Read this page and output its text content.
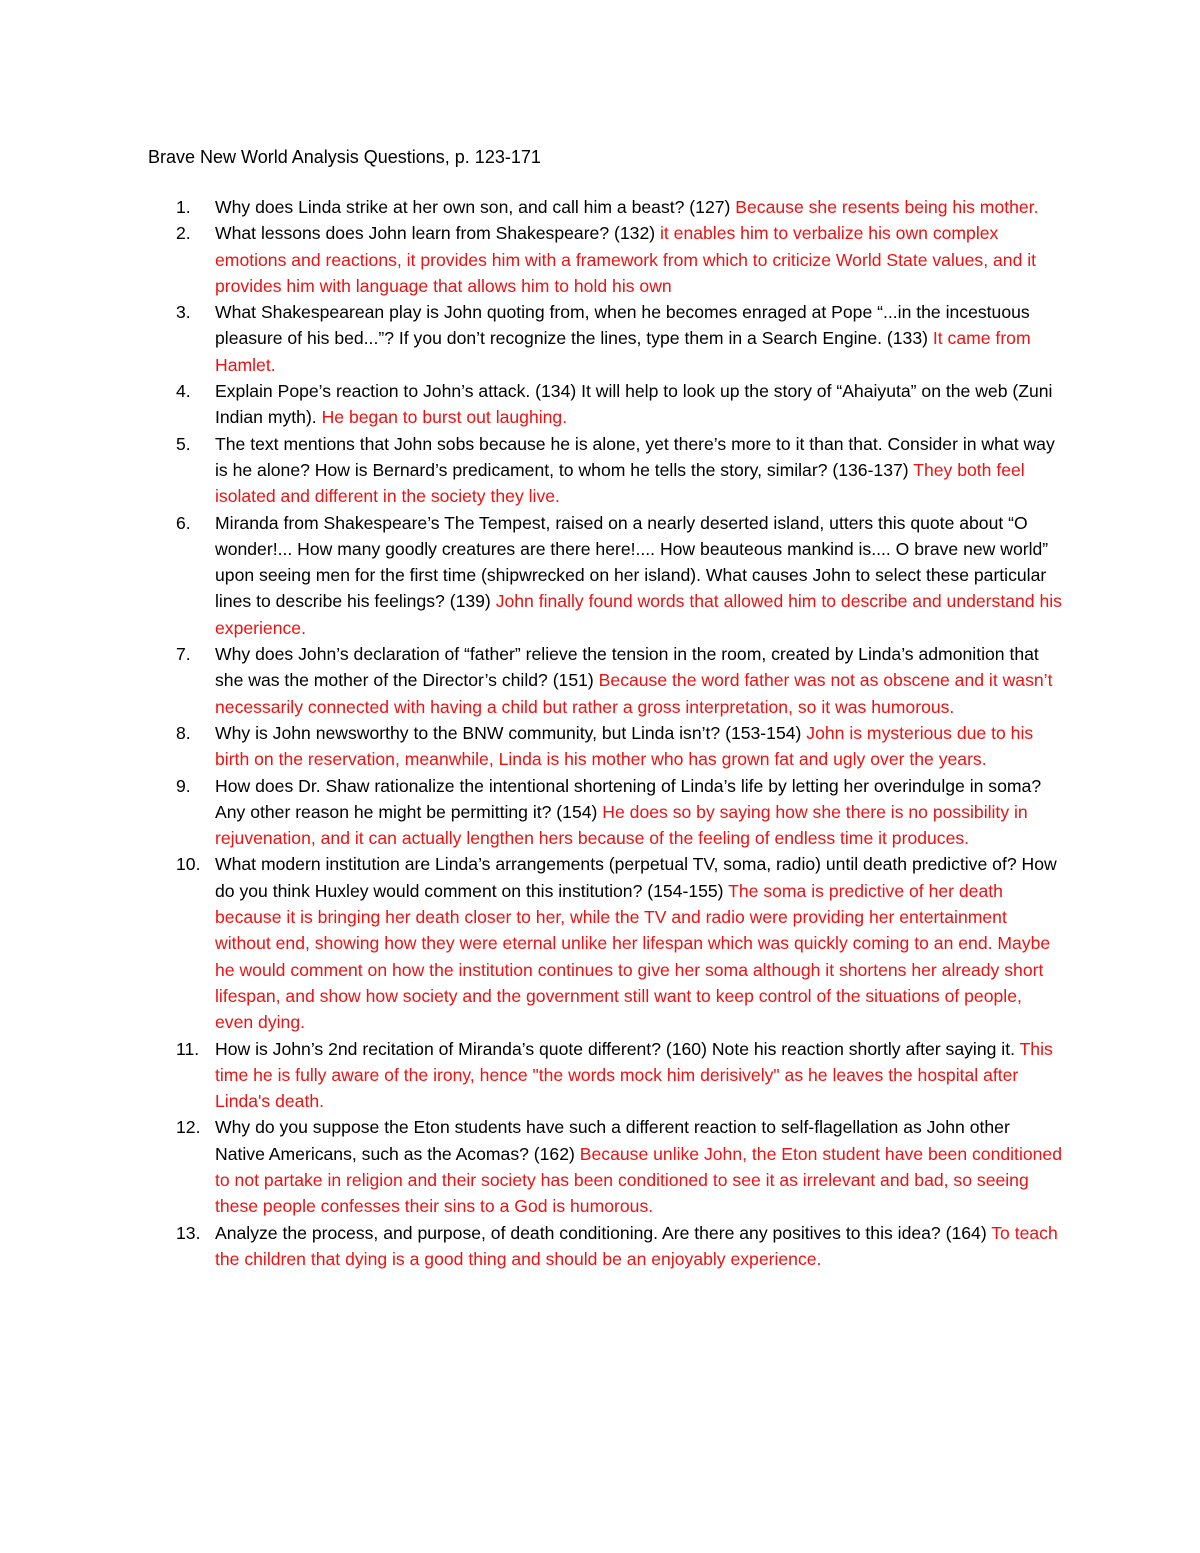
Brave New World Analysis Questions, p. 123-171
1. Why does Linda strike at her own son, and call him a beast? (127) Because she resents being his mother.
2. What lessons does John learn from Shakespeare? (132) it enables him to verbalize his own complex emotions and reactions, it provides him with a framework from which to criticize World State values, and it provides him with language that allows him to hold his own
3. What Shakespearean play is John quoting from, when he becomes enraged at Pope “...in the incestuous pleasure of his bed...”? If you don’t recognize the lines, type them in a Search Engine. (133) It came from Hamlet.
4. Explain Pope’s reaction to John’s attack. (134) It will help to look up the story of “Ahaiyuta” on the web (Zuni Indian myth). He began to burst out laughing.
5. The text mentions that John sobs because he is alone, yet there’s more to it than that. Consider in what way is he alone? How is Bernard’s predicament, to whom he tells the story, similar? (136-137) They both feel isolated and different in the society they live.
6. Miranda from Shakespeare’s The Tempest, raised on a nearly deserted island, utters this quote about “O wonder!... How many goodly creatures are there here!.... How beauteous mankind is.... O brave new world” upon seeing men for the first time (shipwrecked on her island). What causes John to select these particular lines to describe his feelings? (139) John finally found words that allowed him to describe and understand his experience.
7. Why does John’s declaration of “father” relieve the tension in the room, created by Linda’s admonition that she was the mother of the Director’s child? (151) Because the word father was not as obscene and it wasn’t necessarily connected with having a child but rather a gross interpretation, so it was humorous.
8. Why is John newsworthy to the BNW community, but Linda isn’t? (153-154) John is mysterious due to his birth on the reservation, meanwhile, Linda is his mother who has grown fat and ugly over the years.
9. How does Dr. Shaw rationalize the intentional shortening of Linda’s life by letting her overindulge in soma? Any other reason he might be permitting it? (154) He does so by saying how she there is no possibility in rejuvenation, and it can actually lengthen hers because of the feeling of endless time it produces.
10. What modern institution are Linda’s arrangements (perpetual TV, soma, radio) until death predictive of? How do you think Huxley would comment on this institution? (154-155) The soma is predictive of her death because it is bringing her death closer to her, while the TV and radio were providing her entertainment without end, showing how they were eternal unlike her lifespan which was quickly coming to an end. Maybe he would comment on how the institution continues to give her soma although it shortens her already short lifespan, and show how society and the government still want to keep control of the situations of people, even dying.
11. How is John’s 2nd recitation of Miranda’s quote different? (160) Note his reaction shortly after saying it. This time he is fully aware of the irony, hence "the words mock him derisively" as he leaves the hospital after Linda's death.
12. Why do you suppose the Eton students have such a different reaction to self-flagellation as John other Native Americans, such as the Acomas? (162) Because unlike John, the Eton student have been conditioned to not partake in religion and their society has been conditioned to see it as irrelevant and bad, so seeing these people confesses their sins to a God is humorous.
13. Analyze the process, and purpose, of death conditioning. Are there any positives to this idea? (164) To teach the children that dying is a good thing and should be an enjoyably experience.
